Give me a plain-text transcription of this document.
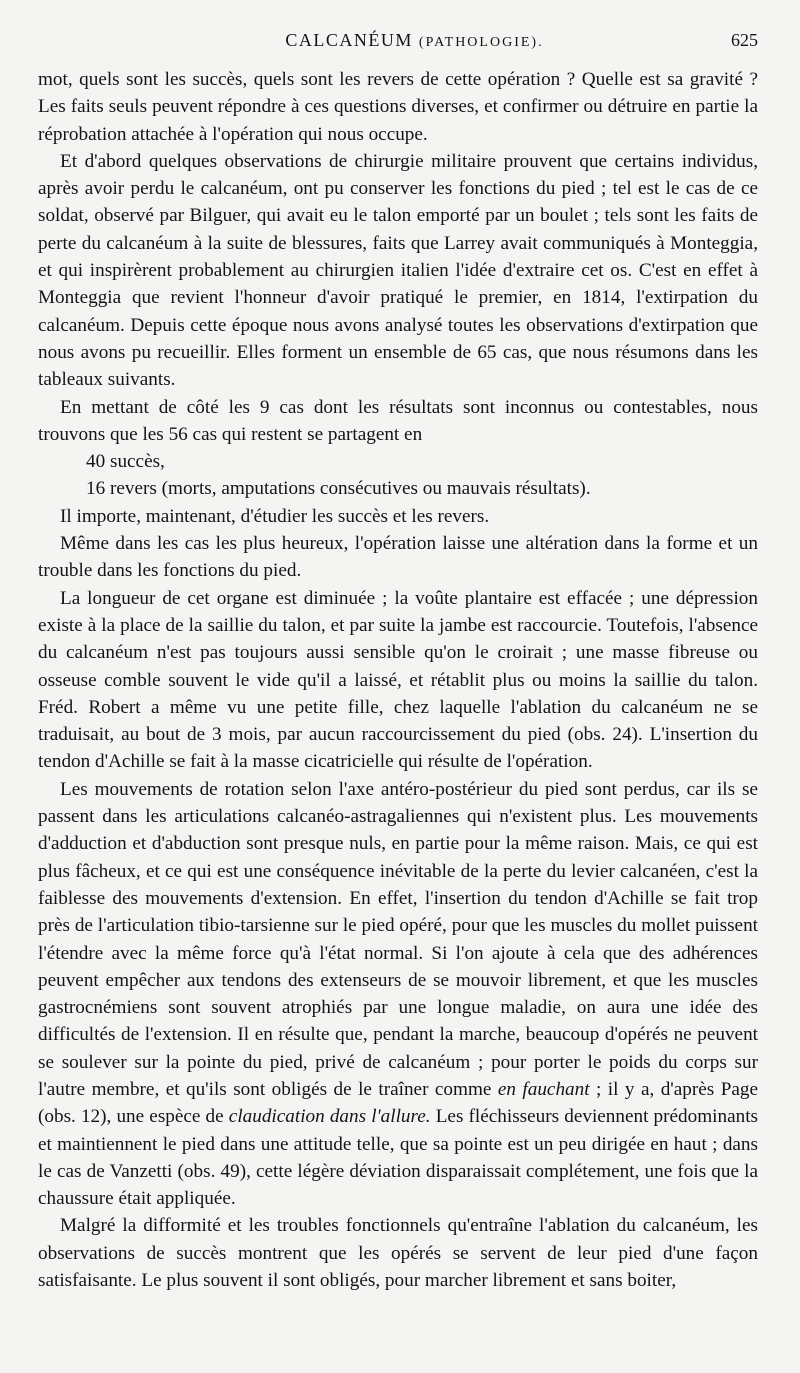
CALCANÉUM (PATHOLOGIE).	625

mot, quels sont les succès, quels sont les revers de cette opération ? Quelle est sa gravité ? Les faits seuls peuvent répondre à ces questions diverses, et confirmer ou détruire en partie la réprobation attachée à l'opération qui nous occupe.

Et d'abord quelques observations de chirurgie militaire prouvent que certains individus, après avoir perdu le calcanéum, ont pu conserver les fonctions du pied ; tel est le cas de ce soldat, observé par Bilguer, qui avait eu le talon emporté par un boulet ; tels sont les faits de perte du calcanéum à la suite de blessures, faits que Larrey avait communiqués à Monteggia, et qui inspirèrent probablement au chirurgien italien l'idée d'extraire cet os. C'est en effet à Monteggia que revient l'honneur d'avoir pratiqué le premier, en 1814, l'extirpation du calcanéum. Depuis cette époque nous avons analysé toutes les observations d'extirpation que nous avons pu recueillir. Elles forment un ensemble de 65 cas, que nous résumons dans les tableaux suivants.

En mettant de côté les 9 cas dont les résultats sont inconnus ou contestables, nous trouvons que les 56 cas qui restent se partagent en

40 succès,

16 revers (morts, amputations consécutives ou mauvais résultats).

Il importe, maintenant, d'étudier les succès et les revers.

Même dans les cas les plus heureux, l'opération laisse une altération dans la forme et un trouble dans les fonctions du pied.

La longueur de cet organe est diminuée ; la voûte plantaire est effacée ; une dépression existe à la place de la saillie du talon, et par suite la jambe est raccourcie. Toutefois, l'absence du calcanéum n'est pas toujours aussi sensible qu'on le croirait ; une masse fibreuse ou osseuse comble souvent le vide qu'il a laissé, et rétablit plus ou moins la saillie du talon. Fréd. Robert a même vu une petite fille, chez laquelle l'ablation du calcanéum ne se traduisait, au bout de 3 mois, par aucun raccourcissement du pied (obs. 24). L'insertion du tendon d'Achille se fait à la masse cicatricielle qui résulte de l'opération.

Les mouvements de rotation selon l'axe antéro-postérieur du pied sont perdus, car ils se passent dans les articulations calcanéo-astragaliennes qui n'existent plus. Les mouvements d'adduction et d'abduction sont presque nuls, en partie pour la même raison. Mais, ce qui est plus fâcheux, et ce qui est une conséquence inévitable de la perte du levier calcanéen, c'est la faiblesse des mouvements d'extension. En effet, l'insertion du tendon d'Achille se fait trop près de l'articulation tibio-tarsienne sur le pied opéré, pour que les muscles du mollet puissent l'étendre avec la même force qu'à l'état normal. Si l'on ajoute à cela que des adhérences peuvent empêcher aux tendons des extenseurs de se mouvoir librement, et que les muscles gastrocnémiens sont souvent atrophiés par une longue maladie, on aura une idée des difficultés de l'extension. Il en résulte que, pendant la marche, beaucoup d'opérés ne peuvent se soulever sur la pointe du pied, privé de calcanéum ; pour porter le poids du corps sur l'autre membre, et qu'ils sont obligés de le traîner comme en fauchant ; il y a, d'après Page (obs. 12), une espèce de claudication dans l'allure. Les fléchisseurs deviennent prédominants et maintiennent le pied dans une attitude telle, que sa pointe est un peu dirigée en haut ; dans le cas de Vanzetti (obs. 49), cette légère déviation disparaissait complétement, une fois que la chaussure était appliquée.

Malgré la difformité et les troubles fonctionnels qu'entraîne l'ablation du calcanéum, les observations de succès montrent que les opérés se servent de leur pied d'une façon satisfaisante. Le plus souvent il sont obligés, pour marcher librement et sans boiter,
